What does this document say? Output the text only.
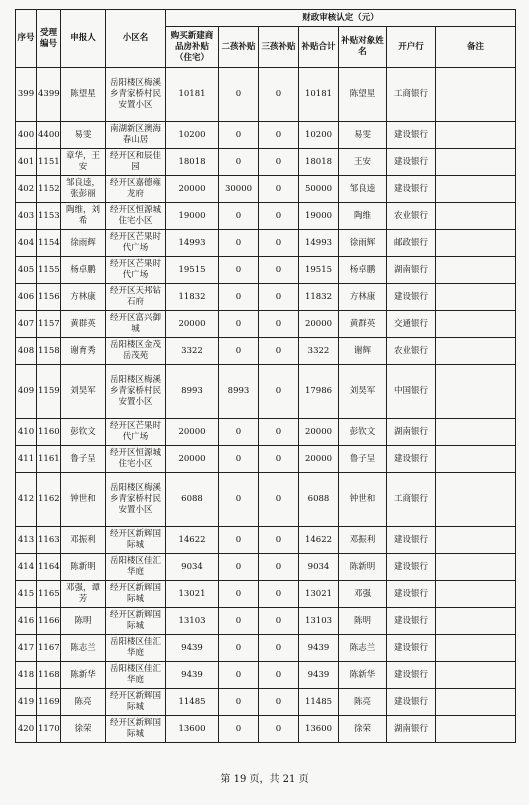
序号	受理编号	申报人	小区名	财政审核认定（元）						
				购买新建商品房补贴（住宅）	二孩补贴	三孩补贴	补贴合计	补贴对象姓名	开户行	备注
399	4399	陈望星	岳阳楼区梅溪乡青家桥村民安置小区	10181	0	0	10181	陈望星	工商银行	
400	4400	易雯	南湖新区澳海春山居	10200	0	0	10200	易雯	建设银行	
401	1151	章华，王安	经开区和辰佳园	18018	0	0	18018	王安	建设银行	
402	1152	邹良逵，张彭丽	经开区嘉德雍龙府	20000	30000	0	50000	邹良逵	建设银行	
403	1153	陶维，刘希	经开区恒源城住宅小区	19000	0	0	19000	陶维	农业银行	
404	1154	徐雨辉	经开区芒果时代广场	14993	0	0	14993	徐雨辉	邮政银行	
405	1155	杨卓鹏	经开区芒果时代广场	19515	0	0	19515	杨卓鹏	湖南银行	
406	1156	方林康	经开区天邦钻石府	11832	0	0	11832	方林康	建设银行	
407	1157	黄群英	经开区富兴御城	20000	0	0	20000	黄群英	交通银行	
408	1158	谢育秀	岳阳楼区金茂岳茂苑	3322	0	0	3322	谢辉	农业银行	
409	1159	刘昊军	岳阳楼区梅溪乡青家桥村民安置小区	8993	8993	0	17986	刘昊军	中国银行	
410	1160	彭钦文	经开区芒果时代广场	20000	0	0	20000	彭钦文	湖南银行	
411	1161	鲁子呈	经开区恒源城住宅小区	20000	0	0	20000	鲁子呈	建设银行	
412	1162	钟世和	岳阳楼区梅溪乡青家桥村民安置小区	6088	0	0	6088	钟世和	工商银行	
413	1163	邓振利	经开区新辉国际城	14622	0	0	14622	邓振利	建设银行	
414	1164	陈新明	岳阳楼区佳汇华庭	9034	0	0	9034	陈新明	建设银行	
415	1165	邓强，谭芳	经开区新辉国际城	13021	0	0	13021	邓强	建设银行	
416	1166	陈明	经开区新辉国际城	13103	0	0	13103	陈明	建设银行	
417	1167	陈志兰	岳阳楼区佳汇华庭	9439	0	0	9439	陈志兰	建设银行	
418	1168	陈新华	岳阳楼区佳汇华庭	9439	0	0	9439	陈新华	建设银行	
419	1169	陈亮	经开区新辉国际城	11485	0	0	11485	陈亮	建设银行	
420	1170	徐荣	经开区新辉国际城	13600	0	0	13600	徐荣	湖南银行	
第 19 页，共 21 页
